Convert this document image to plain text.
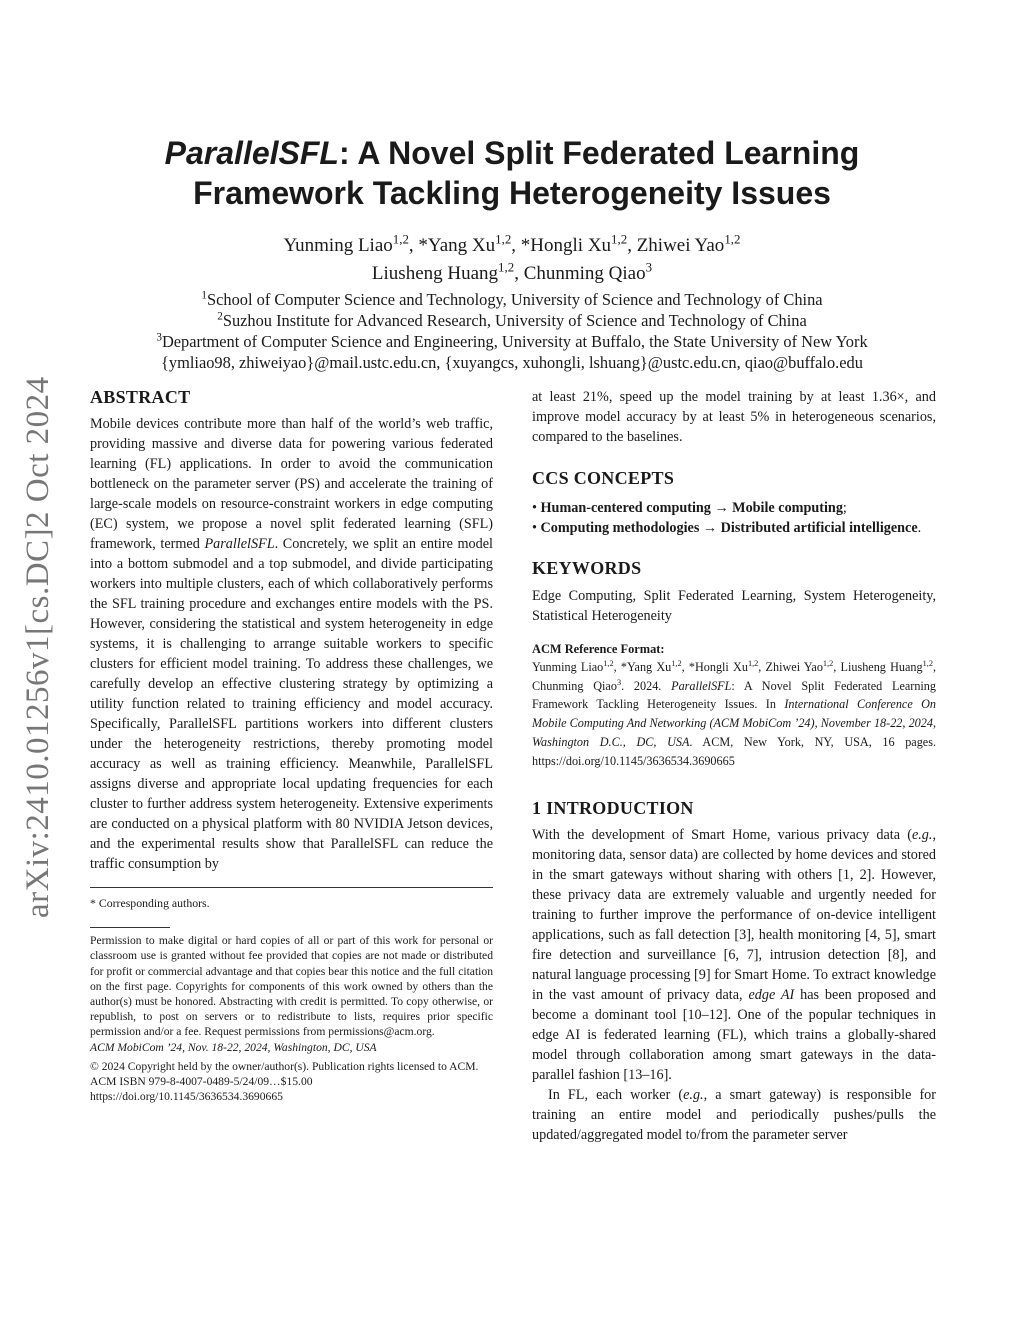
arXiv:2410.01256v1[cs.DC]2 Oct 2024
ParallelSFL: A Novel Split Federated Learning
Framework Tackling Heterogeneity Issues
Yunming Liao$^{1,2}$, *Yang Xu$^{1,2}$, *Hongli Xu$^{1,2}$, Zhiwei Yao$^{1,2}$
Liusheng Huang$^{1,2}$, Chunming Qiao$^3$
$^1$School of Computer Science and Technology, University of Science and Technology of China
$^2$Suzhou Institute for Advanced Research, University of Science and Technology of China
$^3$Department of Computer Science and Engineering, University at Buffalo, the State University of New York
{ymliao98, zhiweiyao}@mail.ustc.edu.cn, {xuyangcs, xuhongli, lshuang}@ustc.edu.cn, qiao@buffalo.edu
ABSTRACT

Mobile devices contribute more than half of the world’s web traffic, providing massive and diverse data for powering various federated learning (FL) applications. In order to avoid the communication bottleneck on the parameter server (PS) and accelerate the training of large-scale models on resource-constraint workers in edge computing (EC) system, we propose a novel split federated learning (SFL) framework, termed ParallelSFL. Concretely, we split an entire model into a bottom submodel and a top submodel, and divide participating workers into multiple clusters, each of which collaboratively performs the SFL training procedure and exchanges entire models with the PS. However, considering the statistical and system heterogeneity in edge systems, it is challenging to arrange suitable workers to specific clusters for efficient model training. To address these challenges, we carefully develop an effective clustering strategy by optimizing a utility function related to training efficiency and model accuracy. Specifically, ParallelSFL partitions workers into different clusters under the heterogeneity restrictions, thereby promoting model accuracy as well as training efficiency. Meanwhile, ParallelSFL assigns diverse and appropriate local updating frequencies for each cluster to further address system heterogeneity. Extensive experiments are conducted on a physical platform with 80 NVIDIA Jetson devices, and the experimental results show that ParallelSFL can reduce the traffic consumption by

* Corresponding authors.

Permission to make digital or hard copies of all or part of this work for personal or classroom use is granted without fee provided that copies are not made or distributed for profit or commercial advantage and that copies bear this notice and the full citation on the first page. Copyrights for components of this work owned by others than the author(s) must be honored. Abstracting with credit is permitted. To copy otherwise, or republish, to post on servers or to redistribute to lists, requires prior specific permission and/or a fee. Request permissions from permissions@acm.org.

ACM MobiCom ’24, Nov. 18-22, 2024, Washington, DC, USA

© 2024 Copyright held by the owner/author(s). Publication rights licensed to ACM.

ACM ISBN 979-8-4007-0489-5/24/09…$15.00

https://doi.org/10.1145/3636534.3690665

at least 21%, speed up the model training by at least 1.36×, and improve model accuracy by at least 5% in heterogeneous scenarios, compared to the baselines.

CCS CONCEPTS
• Human-centered computing → Mobile computing;
• Computing methodologies → Distributed artificial intelligence.
KEYWORDS

Edge Computing, Split Federated Learning, System Heterogeneity, Statistical Heterogeneity

ACM Reference Format:

Yunming Liao$^{1,2}$, *Yang Xu$^{1,2}$, *Hongli Xu$^{1,2}$, Zhiwei Yao$^{1,2}$, Liusheng Huang$^{1,2}$, Chunming Qiao$^3$. 2024. ParallelSFL: A Novel Split Federated Learning Framework Tackling Heterogeneity Issues. In International Conference On Mobile Computing And Networking (ACM MobiCom ’24), November 18-22, 2024, Washington D.C., DC, USA. ACM, New York, NY, USA, 16 pages. https://doi.org/10.1145/3636534.3690665

1 INTRODUCTION

With the development of Smart Home, various privacy data (e.g., monitoring data, sensor data) are collected by home devices and stored in the smart gateways without sharing with others [1, 2]. However, these privacy data are extremely valuable and urgently needed for training to further improve the performance of on-device intelligent applications, such as fall detection [3], health monitoring [4, 5], smart fire detection and surveillance [6, 7], intrusion detection [8], and natural language processing [9] for Smart Home. To extract knowledge in the vast amount of privacy data, edge AI has been proposed and become a dominant tool [10–12]. One of the popular techniques in edge AI is federated learning (FL), which trains a globally-shared model through collaboration among smart gateways in the data-parallel fashion [13–16].

In FL, each worker (e.g., a smart gateway) is responsible for training an entire model and periodically pushes/pulls the updated/aggregated model to/from the parameter server
